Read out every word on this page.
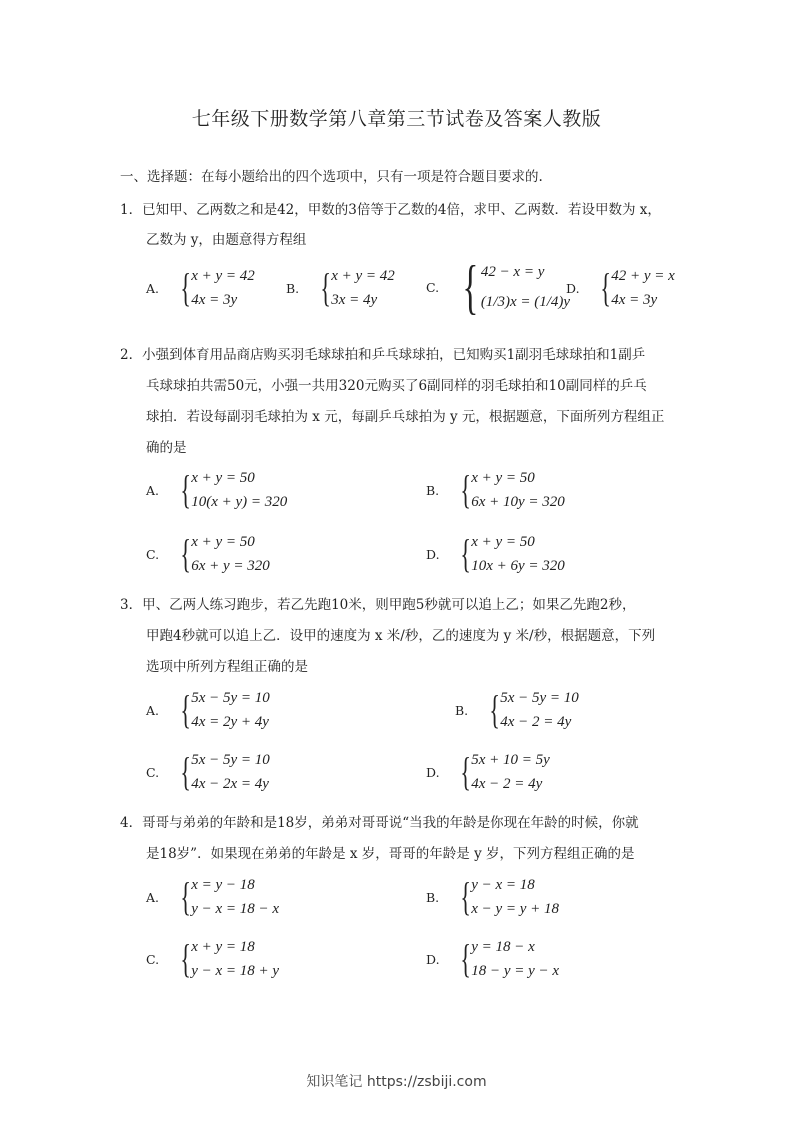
七年级下册数学第八章第三节试卷及答案人教版
一、选择题：在每小题给出的四个选项中，只有一项是符合题目要求的.
1．已知甲、乙两数之和是42，甲数的3倍等于乙数的4倍，求甲、乙两数．若设甲数为 x，
乙数为 y，由题意得方程组
A. { x + y = 42
4x = 3y
B. { x + y = 42
3x = 4y
C. { 42 − x = y
(1/3)x = (1/4)y
D. { 42 + y = x
4x = 3y
2．小强到体育用品商店购买羽毛球球拍和乒乓球球拍，已知购买1副羽毛球球拍和1副乒
乓球球拍共需50元，小强一共用320元购买了6副同样的羽毛球拍和10副同样的乒乓
球拍．若设每副羽毛球拍为 x 元，每副乒乓球拍为 y 元，根据题意，下面所列方程组正
确的是
A. { x + y = 50
10(x + y) = 320
B. { x + y = 50
6x + 10y = 320
C. { x + y = 50
6x + y = 320
D. { x + y = 50
10x + 6y = 320
3．甲、乙两人练习跑步，若乙先跑10米，则甲跑5秒就可以追上乙；如果乙先跑2秒，
甲跑4秒就可以追上乙．设甲的速度为 x 米/秒，乙的速度为 y 米/秒，根据题意，下列
选项中所列方程组正确的是
A. { 5x − 5y = 10
4x = 2y + 4y
B. { 5x − 5y = 10
4x − 2 = 4y
C. { 5x − 5y = 10
4x − 2x = 4y
D. { 5x + 10 = 5y
4x − 2 = 4y
4．哥哥与弟弟的年龄和是18岁，弟弟对哥哥说“当我的年龄是你现在年龄的时候，你就
是18岁”．如果现在弟弟的年龄是 x 岁，哥哥的年龄是 y 岁，下列方程组正确的是
A. { x = y − 18
y − x = 18 − x
B. { y − x = 18
x − y = y + 18
C. { x + y = 18
y − x = 18 + y
D. { y = 18 − x
18 − y = y − x
知识笔记 https://zsbiji.com
